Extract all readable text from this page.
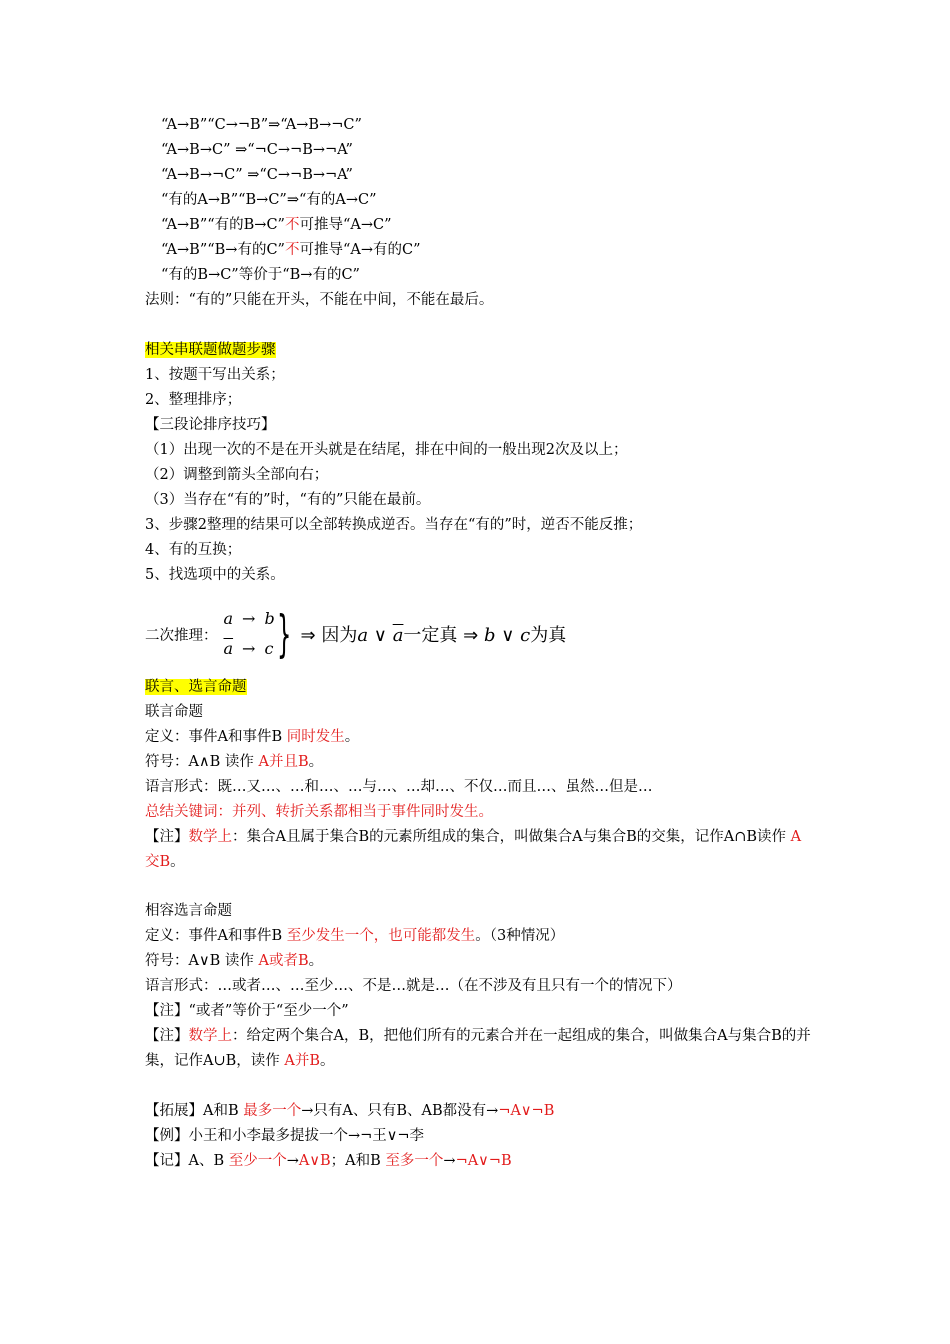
“A→B”“C→¬B”⇒“A→B→¬C”
“A→B→C” ⇒“¬C→¬B→¬A”
“A→B→¬C” ⇒“C→¬B→¬A”
“有的A→B”“B→C”⇒“有的A→C”
“A→B”“有的B→C”不可推导“A→C”
“A→B”“B→有的C”不可推导“A→有的C”
“有的B→C”等价于“B→有的C”
法则：“有的”只能在开头，不能在中间，不能在最后。
相关串联题做题步骤
1、按题干写出关系；
2、整理排序；
【三段论排序技巧】
（1）出现一次的不是在开头就是在结尾，排在中间的一般出现2次及以上；
（2）调整到箭头全部向右；
（3）当存在“有的”时，“有的”只能在最前。
3、步骤2整理的结果可以全部转换成逆否。当存在“有的”时，逆否不能反推；
4、有的互换；
5、找选项中的关系。
二次推理：
a → b
$\overline{a} \to c$ } ⇒ 因为a ∨ $\overline{a}$一定真 ⇒ b ∨ c为真
联言、选言命题
联言命题
定义：事件A和事件B 同时发生。
符号：A∧B 读作 A并且B。
语言形式：既…又…、…和…、…与…、…却…、不仅…而且…、虽然…但是…
总结关键词：并列、转折关系都相当于事件同时发生。
【注】数学上：集合A且属于集合B的元素所组成的集合，叫做集合A与集合B的交集，记作A∩B读作 A交B。
相容选言命题
定义：事件A和事件B 至少发生一个，也可能都发生。（3种情况）
符号：A∨B 读作 A或者B。
语言形式：…或者…、…至少…、不是…就是…（在不涉及有且只有一个的情况下）
【注】“或者”等价于“至少一个”
【注】数学上：给定两个集合A，B，把他们所有的元素合并在一起组成的集合，叫做集合A与集合B的并集，记作A∪B，读作 A并B。
【拓展】A和B 最多一个→只有A、只有B、AB都没有→¬A∨¬B
【例】小王和小李最多提拔一个→¬王∨¬李
【记】A、B 至少一个→A∨B；A和B 至多一个→¬A∨¬B
